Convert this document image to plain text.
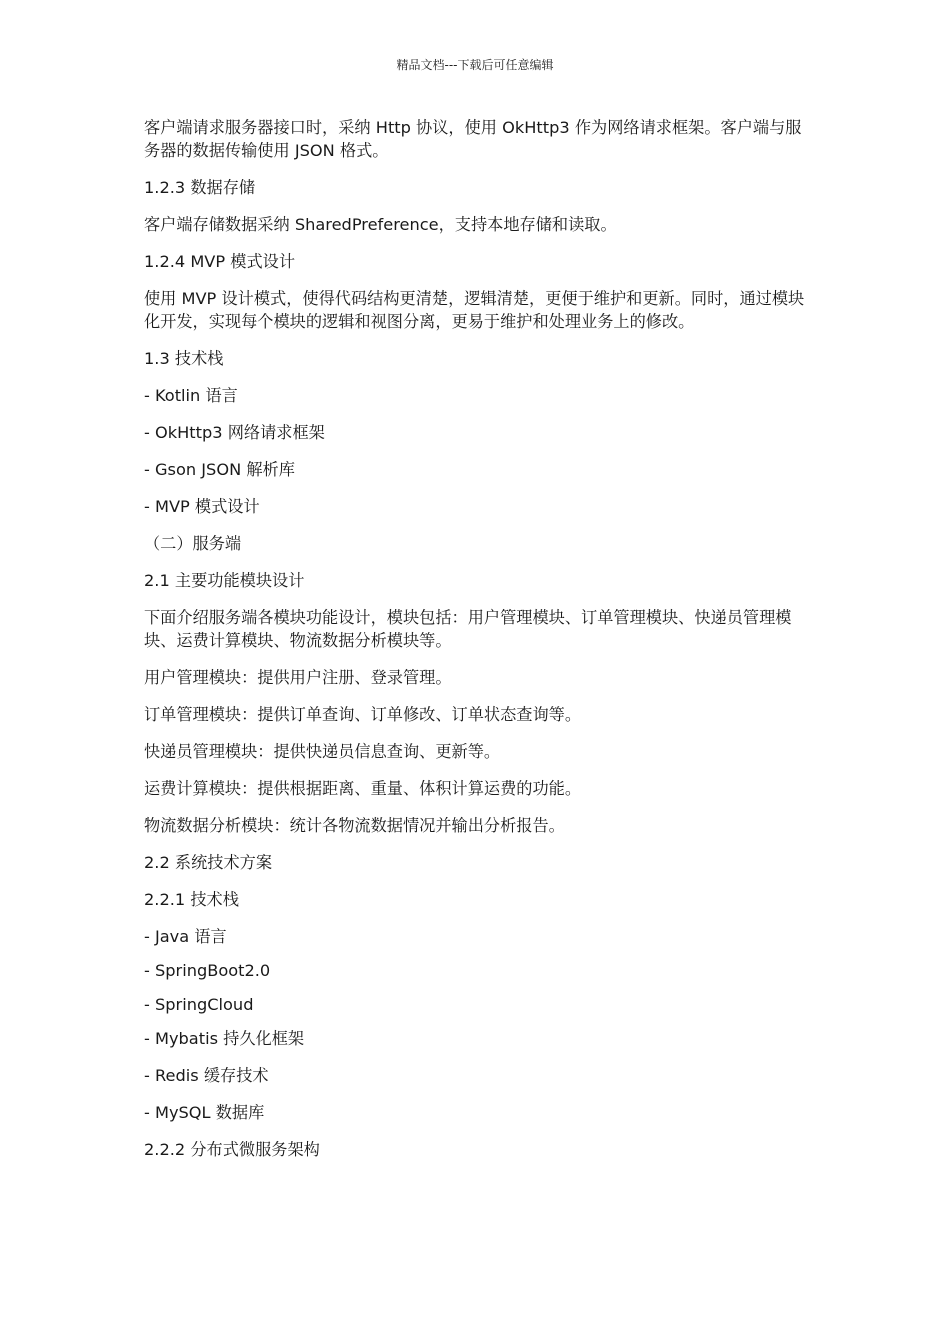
精品文档---下载后可任意编辑

客户端请求服务器接口时，采纳 Http 协议，使用 OkHttp3 作为网络请求框架。客户端与服务器的数据传输使用 JSON 格式。

1.2.3 数据存储

客户端存储数据采纳 SharedPreference，支持本地存储和读取。

1.2.4 MVP 模式设计

使用 MVP 设计模式，使得代码结构更清楚，逻辑清楚，更便于维护和更新。同时，通过模块化开发，实现每个模块的逻辑和视图分离，更易于维护和处理业务上的修改。

1.3 技术栈

- Kotlin 语言

- OkHttp3 网络请求框架

- Gson JSON 解析库

- MVP 模式设计

（二）服务端

2.1 主要功能模块设计

下面介绍服务端各模块功能设计，模块包括：用户管理模块、订单管理模块、快递员管理模块、运费计算模块、物流数据分析模块等。

用户管理模块：提供用户注册、登录管理。

订单管理模块：提供订单查询、订单修改、订单状态查询等。

快递员管理模块：提供快递员信息查询、更新等。

运费计算模块：提供根据距离、重量、体积计算运费的功能。

物流数据分析模块：统计各物流数据情况并输出分析报告。

2.2 系统技术方案

2.2.1 技术栈

- Java 语言

- SpringBoot2.0

- SpringCloud

- Mybatis 持久化框架

- Redis 缓存技术

- MySQL 数据库

2.2.2 分布式微服务架构
